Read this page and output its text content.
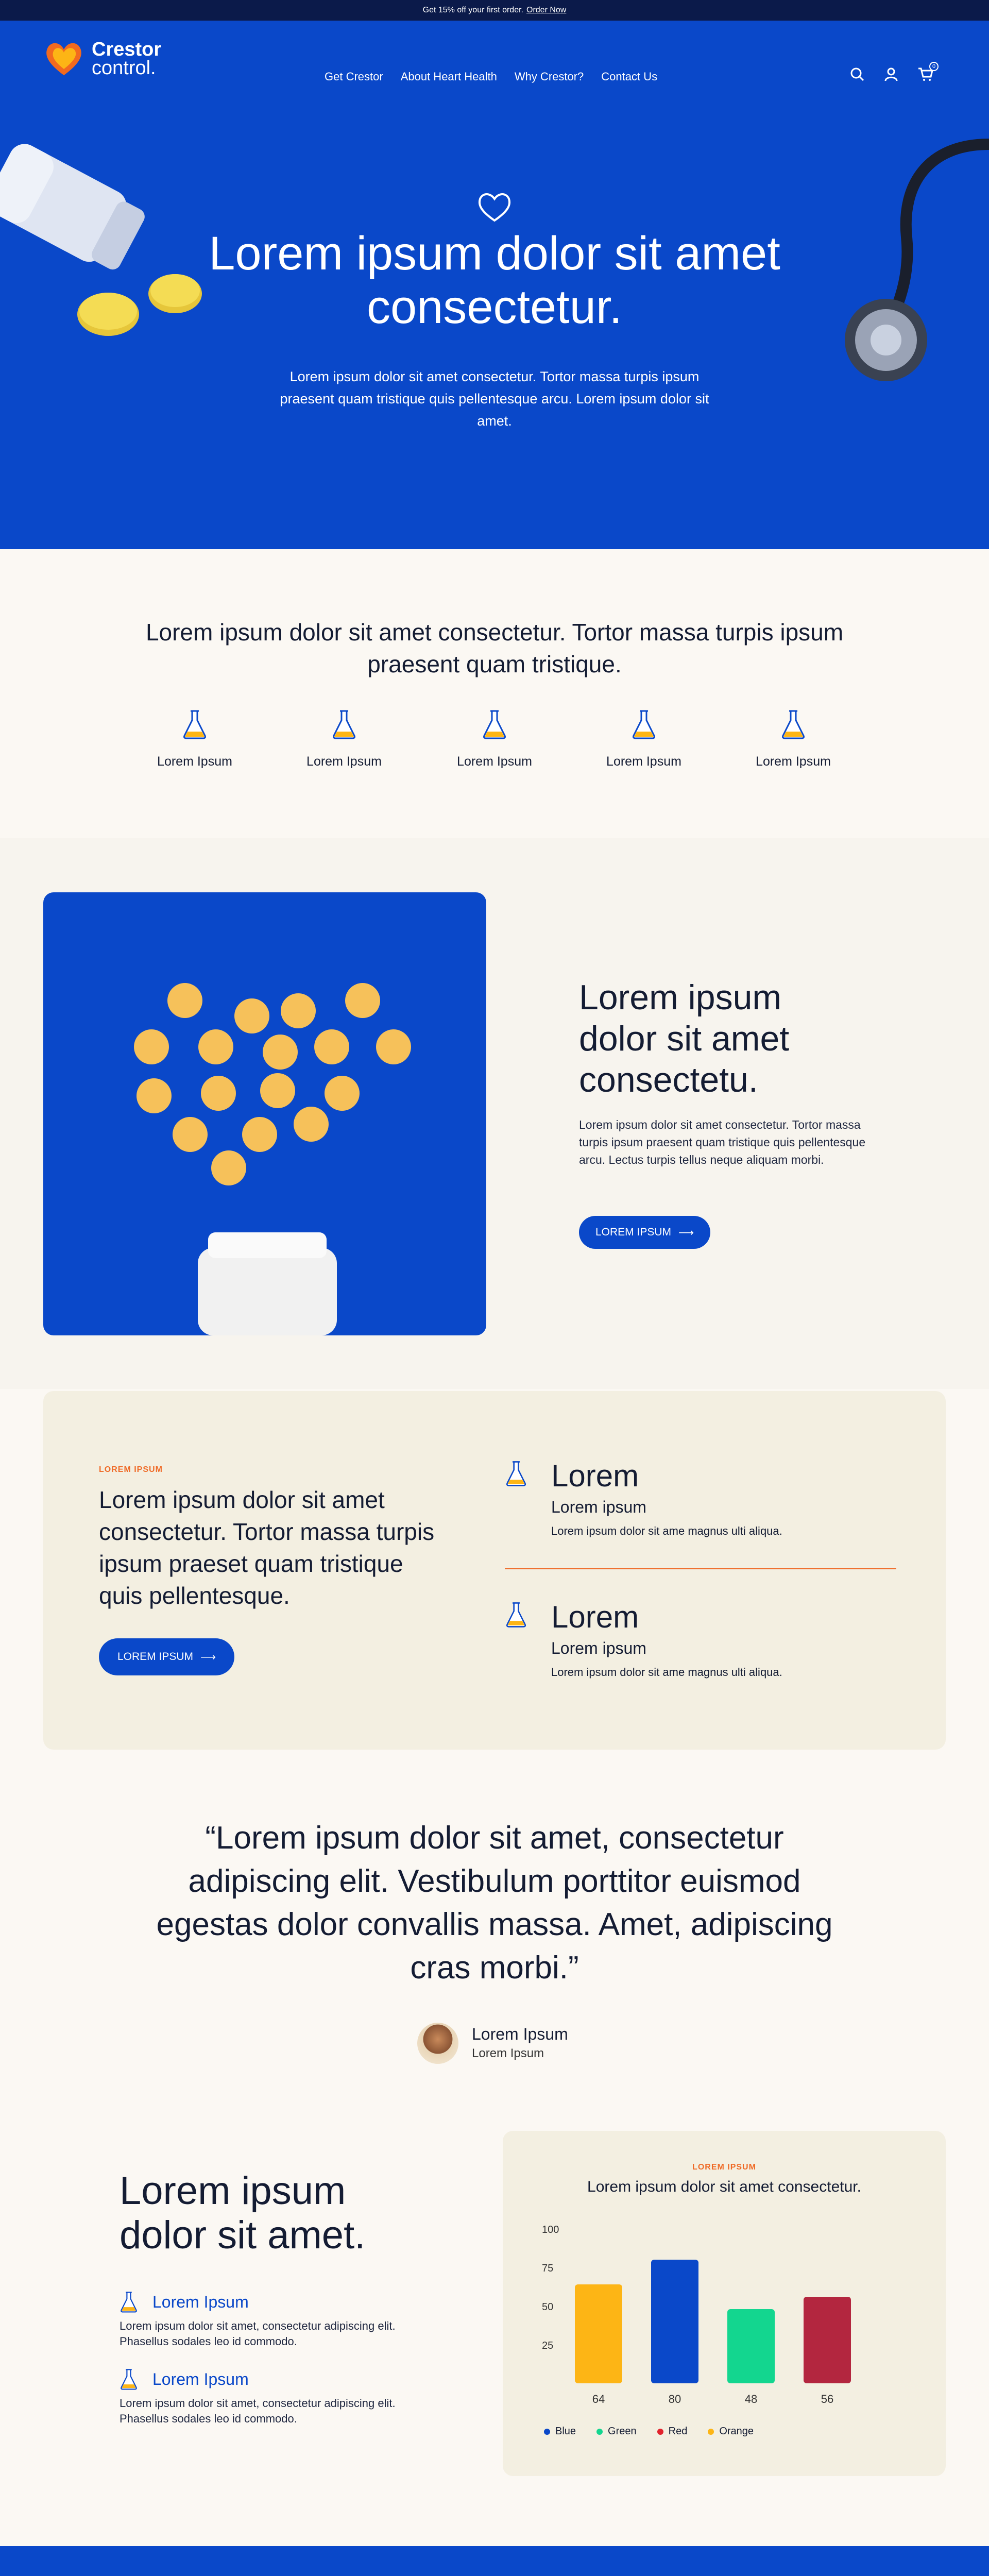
Get 15% off your first order. Order Now
Crestor
control.	Get Crestor About Heart Health Why Crestor? Contact Us
0
Lorem ipsum dolor sit amet consectetur.

Lorem ipsum dolor sit amet consectetur. Tortor massa turpis ipsum praesent quam tristique quis pellentesque arcu. Lorem ipsum dolor sit amet.

Lorem ipsum dolor sit amet consectetur. Tortor massa turpis ipsum praesent quam tristique.
Lorem Ipsum	Lorem Ipsum	Lorem Ipsum	Lorem Ipsum	Lorem Ipsum
Lorem ipsum dolor sit amet consectetu.

Lorem ipsum dolor sit amet consectetur. Tortor massa turpis ipsum praesent quam tristique quis pellentesque arcu. Lectus turpis tellus neque aliquam morbi.

LOREM IPSUM ⟶
LOREM IPSUM
Lorem ipsum dolor sit amet consectetur. Tortor massa turpis ipsum praeset quam tristique quis pellentesque.
LOREM IPSUM ⟶
Lorem
Lorem ipsum
Lorem ipsum dolor sit ame magnus ulti aliqua.
Lorem
Lorem ipsum
Lorem ipsum dolor sit ame magnus ulti aliqua.

“Lorem ipsum dolor sit amet, consectetur adipiscing elit. Vestibulum porttitor euismod egestas dolor convallis massa. Amet, adipiscing cras morbi.”

Lorem Ipsum
Lorem Ipsum
Lorem ipsum dolor sit amet.
Lorem Ipsum

Lorem ipsum dolor sit amet, consectetur adipiscing elit. Phasellus sodales leo id commodo.

Lorem Ipsum

Lorem ipsum dolor sit amet, consectetur adipiscing elit. Phasellus sodales leo id commodo.

LOREM IPSUM
Lorem ipsum dolor sit amet consectetur.
100
75
50
25
64	80	48	56
Blue	Green	Red	Orange
